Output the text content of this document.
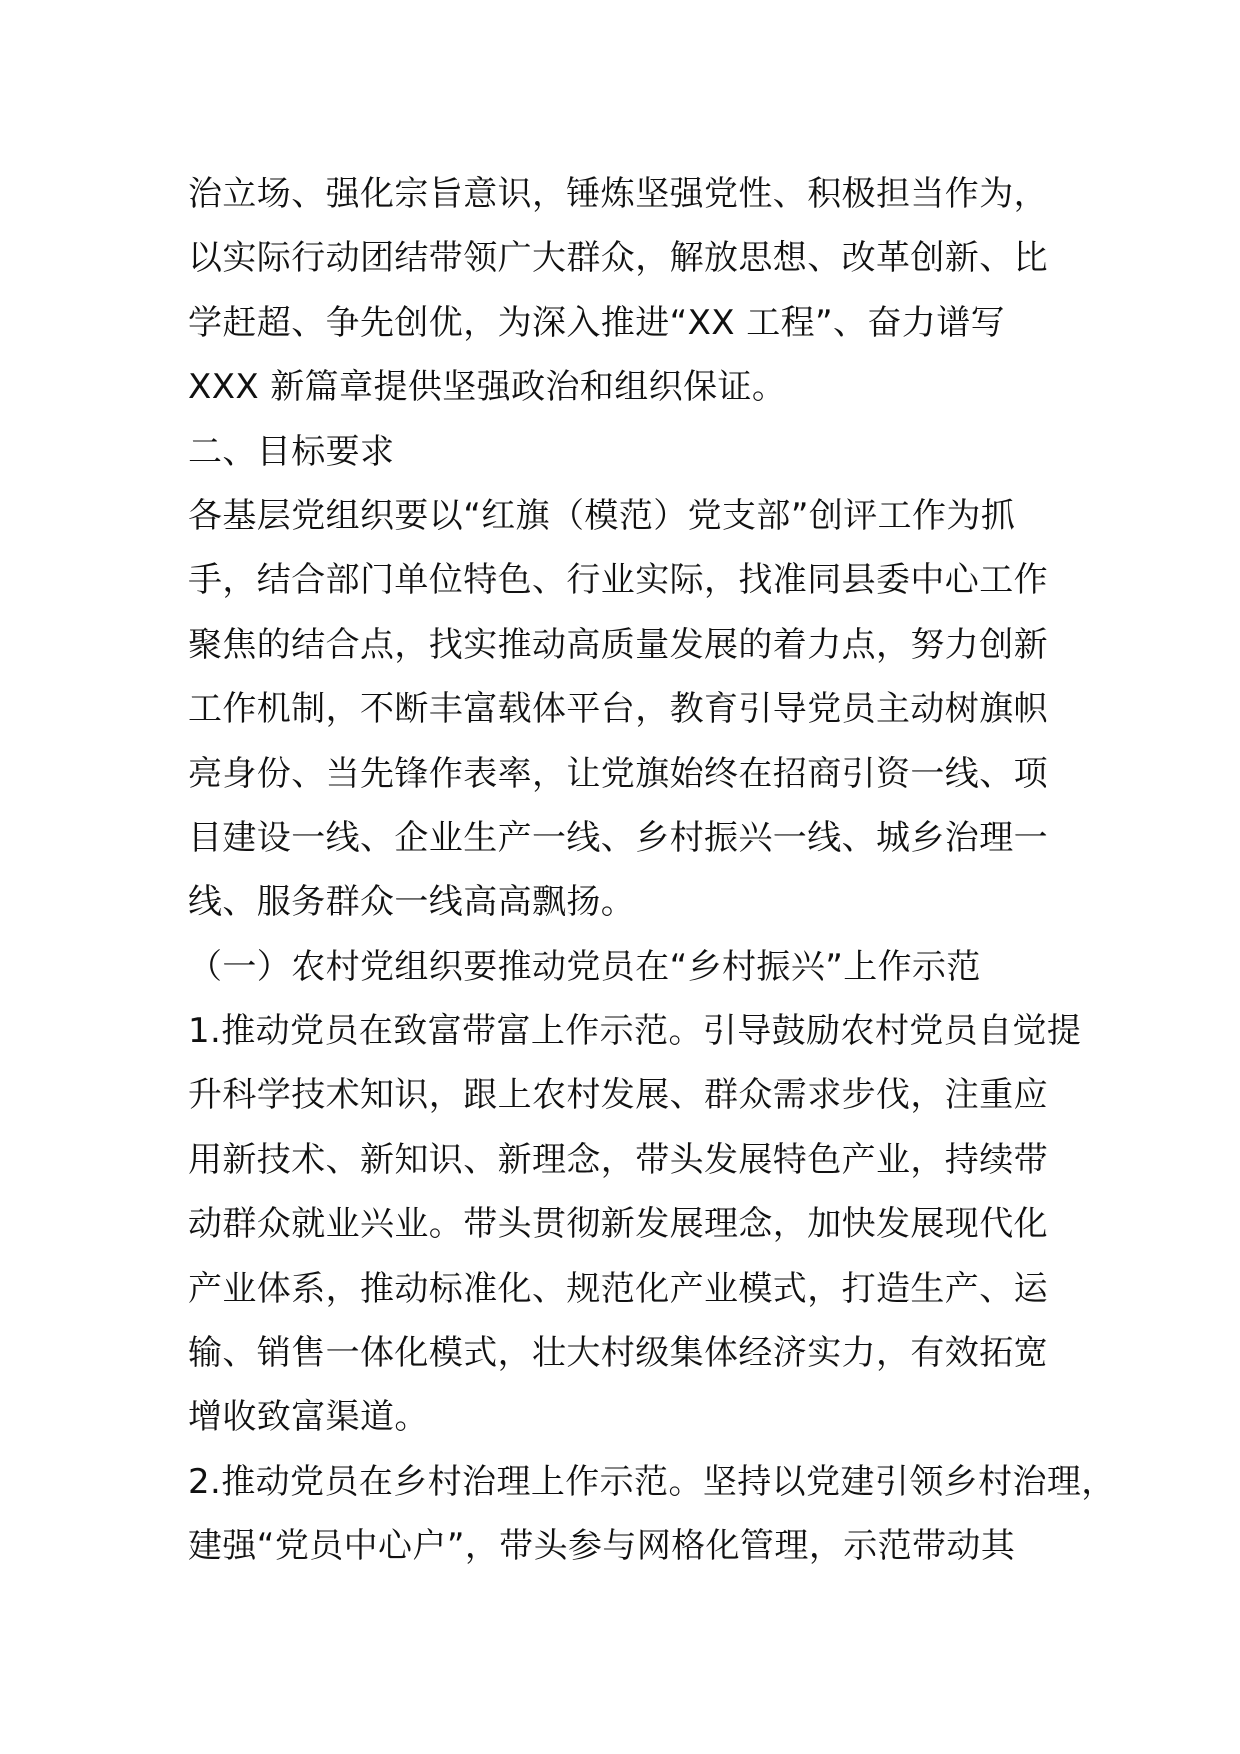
治立场、强化宗旨意识，锤炼坚强党性、积极担当作为，
以实际行动团结带领广大群众，解放思想、改革创新、比
学赶超、争先创优，为深入推进“XX 工程”、奋力谱写
XXX 新篇章提供坚强政治和组织保证。
二、目标要求
各基层党组织要以“红旗（模范）党支部”创评工作为抓
手，结合部门单位特色、行业实际，找准同县委中心工作
聚焦的结合点，找实推动高质量发展的着力点，努力创新
工作机制，不断丰富载体平台，教育引导党员主动树旗帜
亮身份、当先锋作表率，让党旗始终在招商引资一线、项
目建设一线、企业生产一线、乡村振兴一线、城乡治理一
线、服务群众一线高高飘扬。
（一）农村党组织要推动党员在“乡村振兴”上作示范
1.推动党员在致富带富上作示范。引导鼓励农村党员自觉提
升科学技术知识，跟上农村发展、群众需求步伐，注重应
用新技术、新知识、新理念，带头发展特色产业，持续带
动群众就业兴业。带头贯彻新发展理念，加快发展现代化
产业体系，推动标准化、规范化产业模式，打造生产、运
输、销售一体化模式，壮大村级集体经济实力，有效拓宽
增收致富渠道。
2.推动党员在乡村治理上作示范。坚持以党建引领乡村治理，
建强“党员中心户”，带头参与网格化管理，示范带动其
